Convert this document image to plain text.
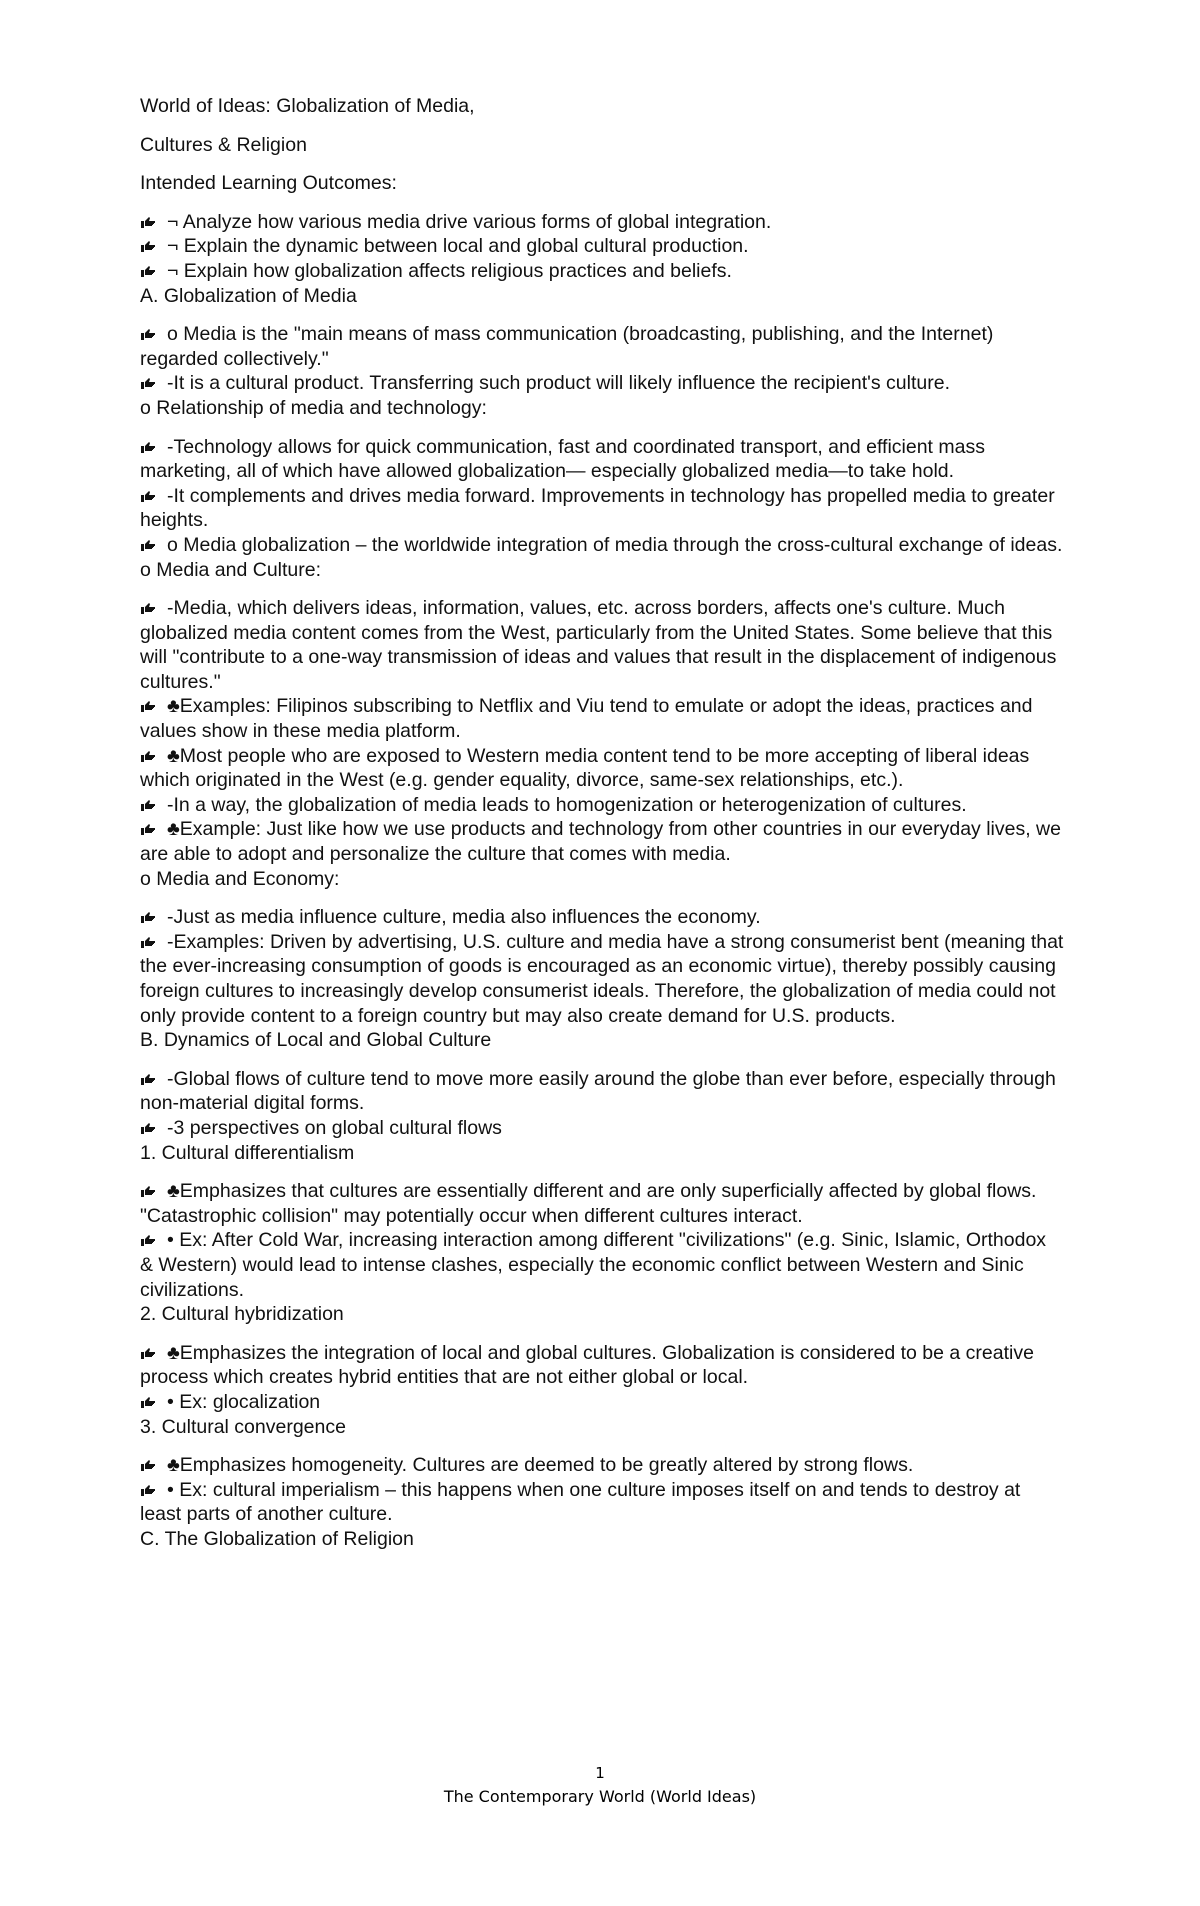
World of Ideas: Globalization of Media,
Cultures & Religion
Intended Learning Outcomes:
¬ Analyze how various media drive various forms of global integration.
¬ Explain the dynamic between local and global cultural production.
¬ Explain how globalization affects religious practices and beliefs.
A. Globalization of Media
o Media is the "main means of mass communication (broadcasting, publishing, and the Internet) regarded collectively."
-It is a cultural product. Transferring such product will likely influence the recipient's culture.
o Relationship of media and technology:
-Technology allows for quick communication, fast and coordinated transport, and efficient mass marketing, all of which have allowed globalization— especially globalized media—to take hold.
-It complements and drives media forward. Improvements in technology has propelled media to greater heights.
o Media globalization – the worldwide integration of media through the cross-cultural exchange of ideas.
o Media and Culture:
-Media, which delivers ideas, information, values, etc. across borders, affects one's culture. Much globalized media content comes from the West, particularly from the United States. Some believe that this will "contribute to a one-way transmission of ideas and values that result in the displacement of indigenous cultures."
♣Examples: Filipinos subscribing to Netflix and Viu tend to emulate or adopt the ideas, practices and values show in these media platform.
♣Most people who are exposed to Western media content tend to be more accepting of liberal ideas which originated in the West (e.g. gender equality, divorce, same-sex relationships, etc.).
-In a way, the globalization of media leads to homogenization or heterogenization of cultures.
♣Example: Just like how we use products and technology from other countries in our everyday lives, we are able to adopt and personalize the culture that comes with media.
o Media and Economy:
-Just as media influence culture, media also influences the economy.
-Examples: Driven by advertising, U.S. culture and media have a strong consumerist bent (meaning that the ever-increasing consumption of goods is encouraged as an economic virtue), thereby possibly causing foreign cultures to increasingly develop consumerist ideals. Therefore, the globalization of media could not only provide content to a foreign country but may also create demand for U.S. products.
B. Dynamics of Local and Global Culture
-Global flows of culture tend to move more easily around the globe than ever before, especially through non-material digital forms.
-3 perspectives on global cultural flows
1. Cultural differentialism
♣Emphasizes that cultures are essentially different and are only superficially affected by global flows. "Catastrophic collision" may potentially occur when different cultures interact.
• Ex: After Cold War, increasing interaction among different "civilizations" (e.g. Sinic, Islamic, Orthodox & Western) would lead to intense clashes, especially the economic conflict between Western and Sinic civilizations.
2. Cultural hybridization
♣Emphasizes the integration of local and global cultures. Globalization is considered to be a creative process which creates hybrid entities that are not either global or local.
• Ex: glocalization
3. Cultural convergence
♣Emphasizes homogeneity. Cultures are deemed to be greatly altered by strong flows.
• Ex: cultural imperialism – this happens when one culture imposes itself on and tends to destroy at least parts of another culture.
C. The Globalization of Religion
1
The Contemporary World (World Ideas)
